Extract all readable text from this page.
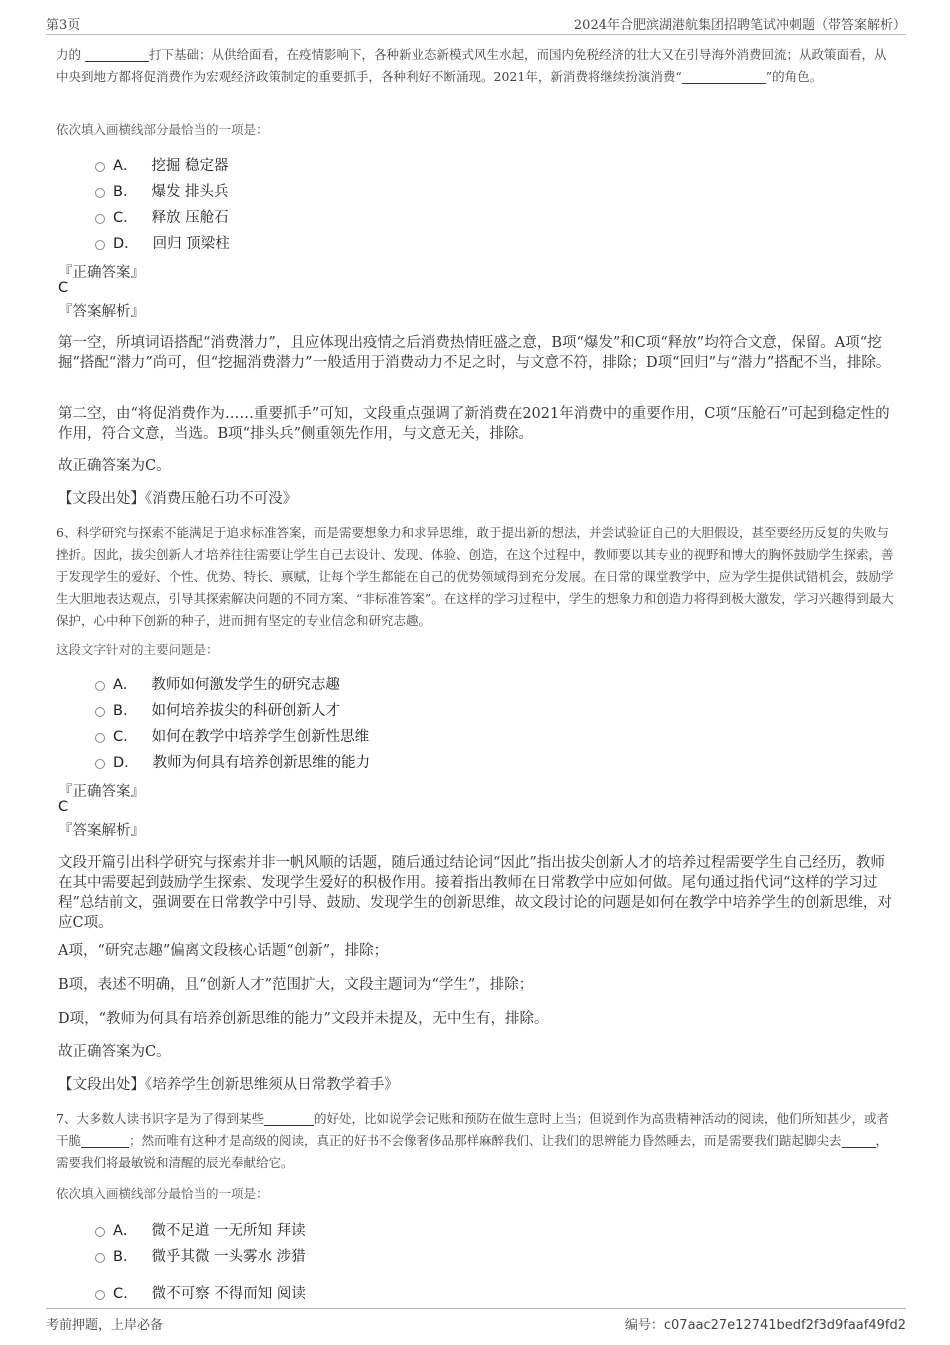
第3页	2024年合肥滨湖港航集团招聘笔试冲刺题（带答案解析）
力的	打下基础；从供给面看，在疫情影响下，各种新业态新模式风生水起，而国内免税经济的壮大又在引导海外消费回流；从政策面看，从中央到地方都将促消费作为宏观经济政策制定的重要抓手，各种利好不断涌现。2021年，新消费将继续扮演消费“	”的角色。
依次填入画横线部分最恰当的一项是：
A． 挖掘 稳定器
B． 爆发 排头兵
C． 释放 压舱石
D． 回归 顶梁柱
『正确答案』
C
『答案解析』
第一空，所填词语搭配“消费潜力”，且应体现出疫情之后消费热情旺盛之意，B项“爆发”和C项“释放”均符合文意，保留。A项“挖掘”搭配“潜力”尚可，但“挖掘消费潜力”一般适用于消费动力不足之时，与文意不符，排除；D项“回归”与“潜力”搭配不当，排除。
第二空，由“将促消费作为……重要抓手”可知，文段重点强调了新消费在2021年消费中的重要作用，C项“压舱石”可起到稳定性的作用，符合文意，当选。B项“排头兵”侧重领先作用，与文意无关，排除。
故正确答案为C。
【文段出处】《消费压舱石功不可没》
6、科学研究与探索不能满足于追求标准答案，而是需要想象力和求异思维，敢于提出新的想法，并尝试验证自己的大胆假设，甚至要经历反复的失败与挫折。因此，拔尖创新人才培养往往需要让学生自己去设计、发现、体验、创造，在这个过程中，教师要以其专业的视野和博大的胸怀鼓励学生探索，善于发现学生的爱好、个性、优势、特长、禀赋，让每个学生都能在自己的优势领域得到充分发展。在日常的课堂教学中，应为学生提供试错机会，鼓励学生大胆地表达观点，引导其探索解决问题的不同方案、“非标准答案”。在这样的学习过程中，学生的想象力和创造力将得到极大激发，学习兴趣得到最大保护，心中种下创新的种子，进而拥有坚定的专业信念和研究志趣。
这段文字针对的主要问题是：
A． 教师如何激发学生的研究志趣
B． 如何培养拔尖的科研创新人才
C． 如何在教学中培养学生创新性思维
D． 教师为何具有培养创新思维的能力
『正确答案』
C
『答案解析』
文段开篇引出科学研究与探索并非一帆风顺的话题，随后通过结论词“因此”指出拔尖创新人才的培养过程需要学生自己经历，教师在其中需要起到鼓励学生探索、发现学生爱好的积极作用。接着指出教师在日常教学中应如何做。尾句通过指代词“这样的学习过程”总结前文，强调要在日常教学中引导、鼓励、发现学生的创新思维，故文段讨论的问题是如何在教学中培养学生的创新思维，对应C项。
A项，“研究志趣”偏离文段核心话题“创新”，排除；
B项，表述不明确，且“创新人才”范围扩大，文段主题词为“学生”，排除；
D项，“教师为何具有培养创新思维的能力”文段并未提及，无中生有，排除。
故正确答案为C。
【文段出处】《培养学生创新思维须从日常教学着手》
7、大多数人读书识字是为了得到某些	的好处，比如说学会记账和预防在做生意时上当；但说到作为高贵精神活动的阅读，他们所知甚少，或者干脆	；然而唯有这种才是高级的阅读，真正的好书不会像奢侈品那样麻醉我们、让我们的思辨能力昏然睡去，而是需要我们踮起脚尖去	，需要我们将最敏锐和清醒的辰光奉献给它。
依次填入画横线部分最恰当的一项是：
A． 微不足道 一无所知 拜读
B． 微乎其微 一头雾水 涉猎
C． 微不可察 不得而知 阅读
考前押题，上岸必备	编号：c07aac27e12741bedf2f3d9faaf49fd2
